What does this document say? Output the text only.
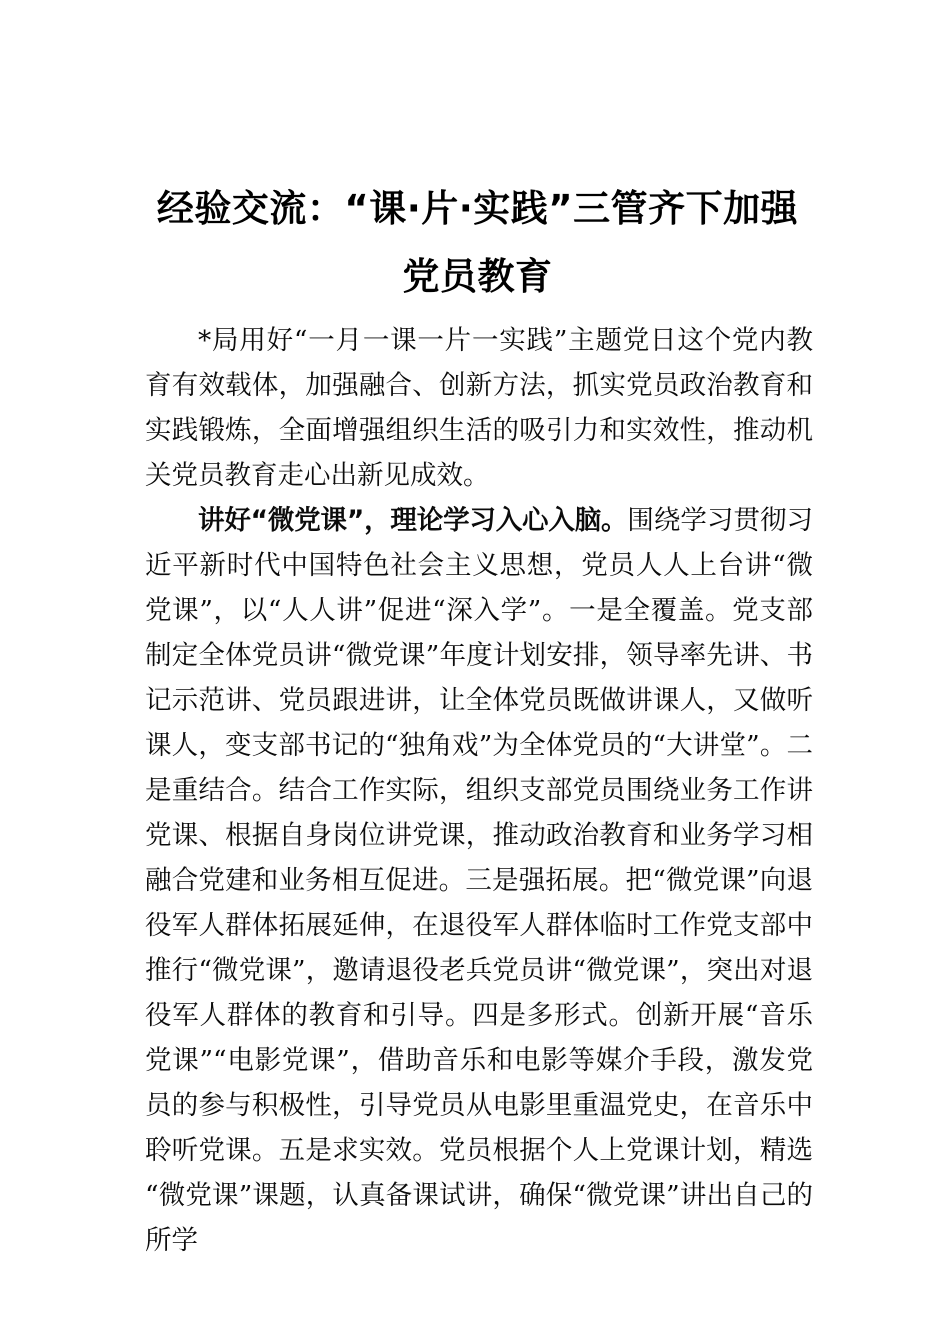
经验交流：“课·片·实践”三管齐下加强党员教育

*局用好“一月一课一片一实践”主题党日这个党内教育有效载体，加强融合、创新方法，抓实党员政治教育和实践锻炼，全面增强组织生活的吸引力和实效性，推动机关党员教育走心出新见成效。

讲好“微党课”，理论学习入心入脑。围绕学习贯彻习近平新时代中国特色社会主义思想，党员人人上台讲“微党课”，以“人人讲”促进“深入学”。一是全覆盖。党支部制定全体党员讲“微党课”年度计划安排，领导率先讲、书记示范讲、党员跟进讲，让全体党员既做讲课人，又做听课人，变支部书记的“独角戏”为全体党员的“大讲堂”。二是重结合。结合工作实际，组织支部党员围绕业务工作讲党课、根据自身岗位讲党课，推动政治教育和业务学习相融合党建和业务相互促进。三是强拓展。把“微党课”向退役军人群体拓展延伸，在退役军人群体临时工作党支部中推行“微党课”，邀请退役老兵党员讲“微党课”，突出对退役军人群体的教育和引导。四是多形式。创新开展“音乐党课”“电影党课”，借助音乐和电影等媒介手段，激发党员的参与积极性，引导党员从电影里重温党史，在音乐中聆听党课。五是求实效。党员根据个人上党课计划，精选“微党课”课题，认真备课试讲，确保“微党课”讲出自己的所学
